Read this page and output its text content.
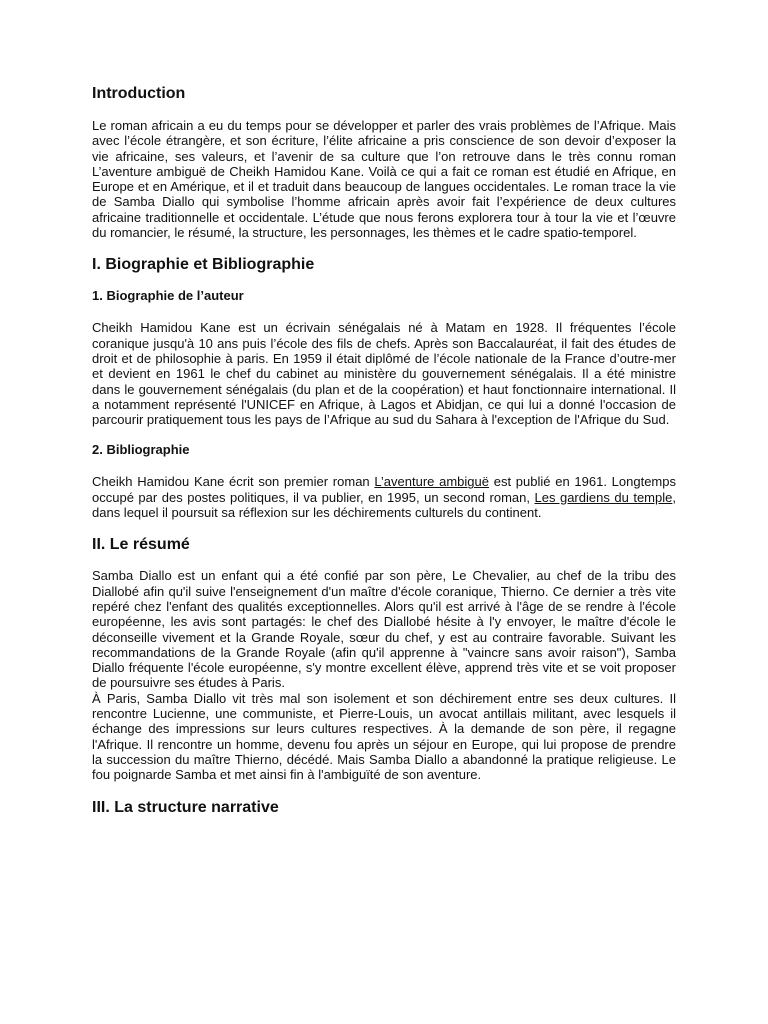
Introduction

Le roman africain a eu du temps pour se développer et parler des vrais problèmes de l’Afrique. Mais avec l’école étrangère, et son écriture, l’élite africaine a pris conscience de son devoir d’exposer la vie africaine, ses valeurs, et l’avenir de sa culture que l’on retrouve dans le très connu roman L’aventure ambiguë de Cheikh Hamidou Kane. Voilà ce qui a fait ce roman est étudié en Afrique, en Europe et en Amérique, et il et traduit dans beaucoup de langues occidentales. Le roman trace la vie de Samba Diallo qui symbolise l’homme africain après avoir fait l’expérience de deux cultures africaine traditionnelle et occidentale. L’étude que nous ferons explorera tour à tour la vie et l’œuvre du romancier, le résumé, la structure, les personnages, les thèmes et le cadre spatio-temporel.

I. Biographie et Bibliographie
1. Biographie de l’auteur

Cheikh Hamidou Kane est un écrivain sénégalais né à Matam en 1928. Il fréquentes l’école coranique jusqu'à 10 ans puis l’école des fils de chefs. Après son Baccalauréat, il fait des études de droit et de philosophie à paris. En 1959 il était diplômé de l’école nationale de la France d’outre-mer et devient en 1961 le chef du cabinet au ministère du gouvernement sénégalais. Il a été ministre dans le gouvernement sénégalais (du plan et de la coopération) et haut fonctionnaire international. Il a notamment représenté l'UNICEF en Afrique, à Lagos et Abidjan, ce qui lui a donné l'occasion de parcourir pratiquement tous les pays de l’Afrique au sud du Sahara à l'exception de l'Afrique du Sud.

2. Bibliographie

Cheikh Hamidou Kane écrit son premier roman L’aventure ambiguë est publié en 1961. Longtemps occupé par des postes politiques, il va publier, en 1995, un second roman, Les gardiens du temple, dans lequel il poursuit sa réflexion sur les déchirements culturels du continent.

II. Le résumé

Samba Diallo est un enfant qui a été confié par son père, Le Chevalier, au chef de la tribu des Diallobé afin qu'il suive l'enseignement d'un maître d'école coranique, Thierno. Ce dernier a très vite repéré chez l'enfant des qualités exceptionnelles. Alors qu'il est arrivé à l'âge de se rendre à l'école européenne, les avis sont partagés: le chef des Diallobé hésite à l'y envoyer, le maître d'école le déconseille vivement et la Grande Royale, sœur du chef, y est au contraire favorable. Suivant les recommandations de la Grande Royale (afin qu'il apprenne à "vaincre sans avoir raison"), Samba Diallo fréquente l'école européenne, s'y montre excellent élève, apprend très vite et se voit proposer de poursuivre ses études à Paris.

À Paris, Samba Diallo vit très mal son isolement et son déchirement entre ses deux cultures. Il rencontre Lucienne, une communiste, et Pierre-Louis, un avocat antillais militant, avec lesquels il échange des impressions sur leurs cultures respectives. À la demande de son père, il regagne l'Afrique. Il rencontre un homme, devenu fou après un séjour en Europe, qui lui propose de prendre la succession du maître Thierno, décédé. Mais Samba Diallo a abandonné la pratique religieuse. Le fou poignarde Samba et met ainsi fin à l'ambiguïté de son aventure.

III. La structure narrative
